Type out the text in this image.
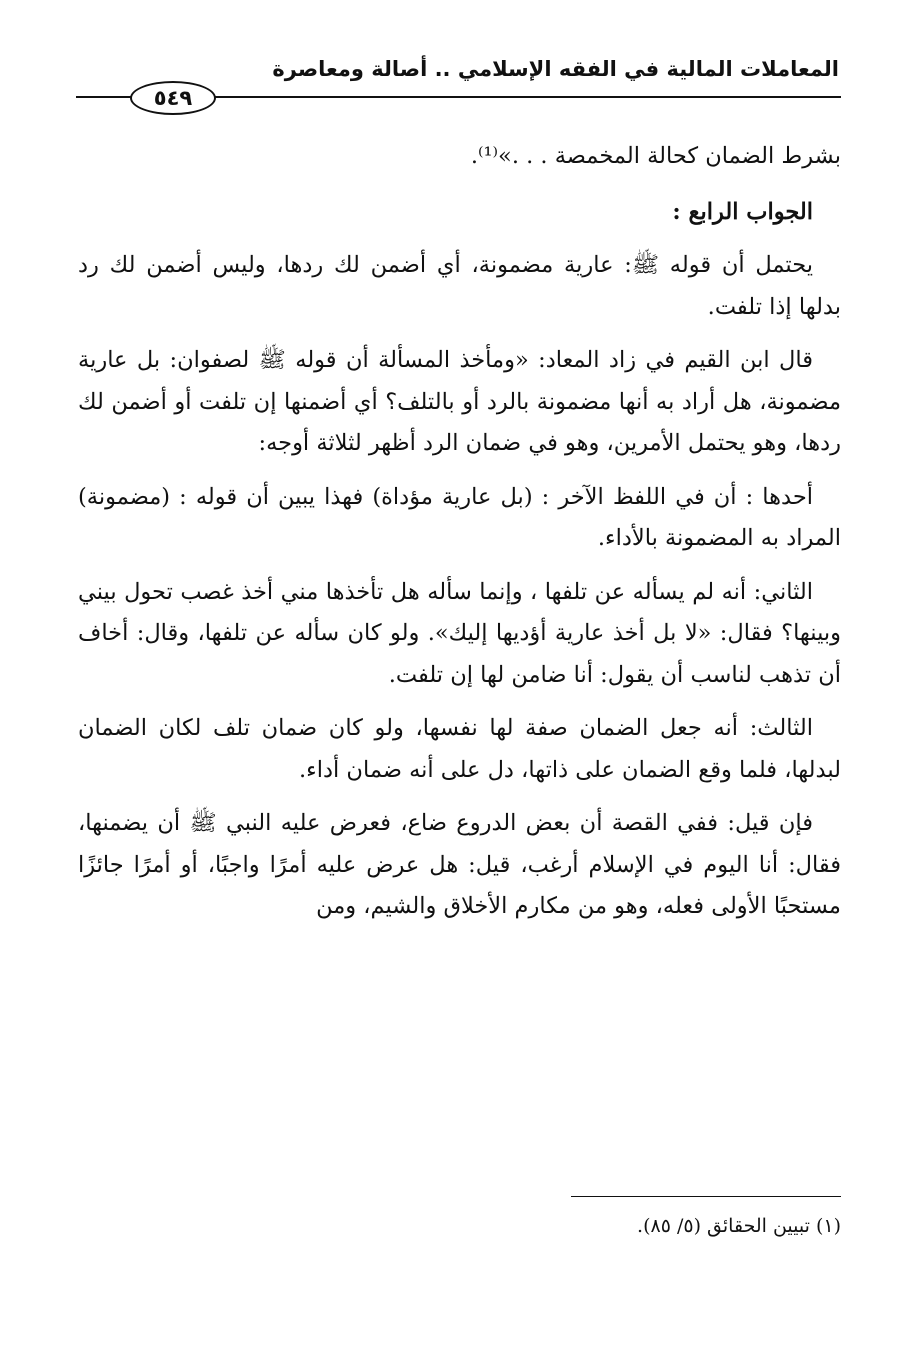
المعاملات المالية في الفقه الإسلامي .. أصالة ومعاصرة
٥٤٩

بشرط الضمان كحالة المخمصة . . .»⁽¹⁾.

الجواب الرابع :

يحتمل أن قوله ﷺ: عارية مضمونة، أي أضمن لك ردها، وليس أضمن لك رد بدلها إذا تلفت.

قال ابن القيم في زاد المعاد: «ومأخذ المسألة أن قوله ﷺ لصفوان: بل عارية مضمونة، هل أراد به أنها مضمونة بالرد أو بالتلف؟ أي أضمنها إن تلفت أو أضمن لك ردها، وهو يحتمل الأمرين، وهو في ضمان الرد أظهر لثلاثة أوجه:

أحدها : أن في اللفظ الآخر : (بل عارية مؤداة) فهذا يبين أن قوله : (مضمونة) المراد به المضمونة بالأداء.

الثاني: أنه لم يسأله عن تلفها ، وإنما سأله هل تأخذها مني أخذ غصب تحول بيني وبينها؟ فقال: «لا بل أخذ عارية أؤديها إليك». ولو كان سأله عن تلفها، وقال: أخاف أن تذهب لناسب أن يقول: أنا ضامن لها إن تلفت.

الثالث: أنه جعل الضمان صفة لها نفسها، ولو كان ضمان تلف لكان الضمان لبدلها، فلما وقع الضمان على ذاتها، دل على أنه ضمان أداء.

فإن قيل: ففي القصة أن بعض الدروع ضاع، فعرض عليه النبي ﷺ أن يضمنها، فقال: أنا اليوم في الإسلام أرغب، قيل: هل عرض عليه أمرًا واجبًا، أو أمرًا جائزًا مستحبًا الأولى فعله، وهو من مكارم الأخلاق والشيم، ومن

(١) تبيين الحقائق (٥/ ٨٥).
